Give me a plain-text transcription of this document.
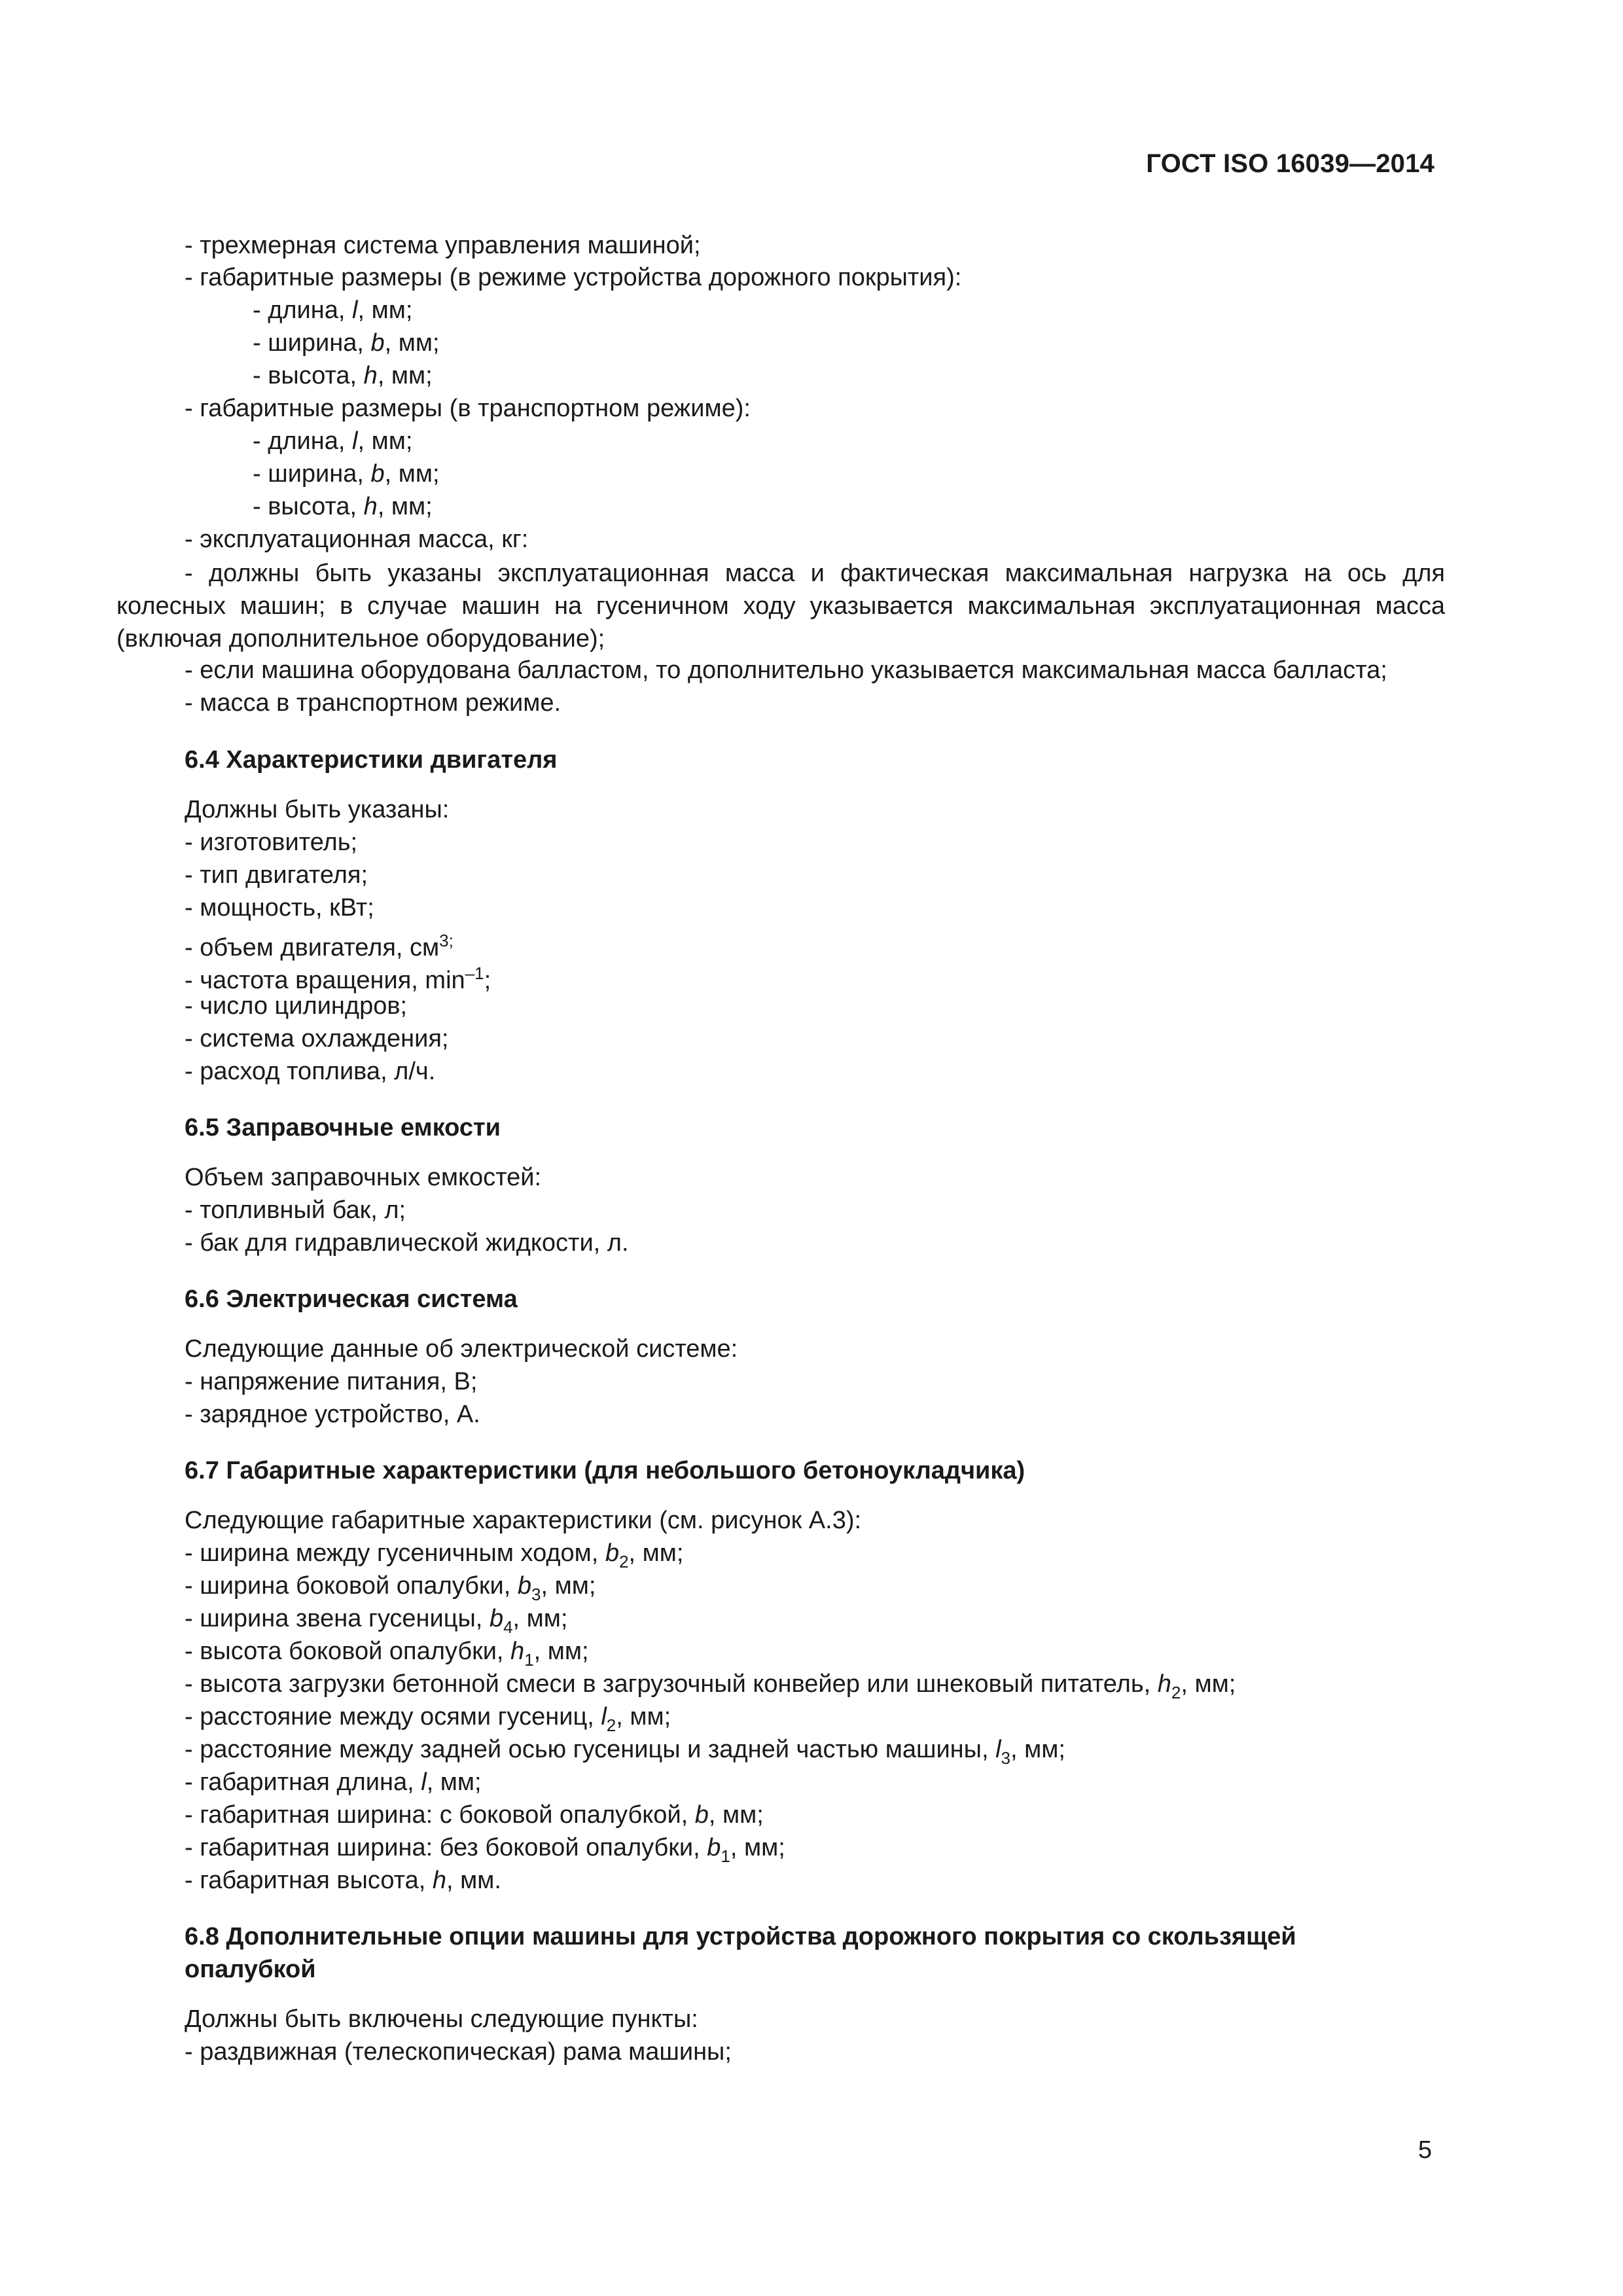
ГОСТ ISO 16039—2014
- трехмерная система управления машиной;
- габаритные размеры (в режиме устройства дорожного покрытия):
- длина, l, мм;
- ширина, b, мм;
- высота, h, мм;
- габаритные размеры (в транспортном режиме):
- длина, l, мм;
- ширина, b, мм;
- высота, h, мм;
- эксплуатационная масса, кг:
- должны быть указаны эксплуатационная масса и фактическая максимальная нагрузка на ось для колесных машин; в случае машин на гусеничном ходу указывается максимальная эксплуатационная масса (включая дополнительное оборудование);
- если машина оборудована балластом, то дополнительно указывается максимальная масса балласта;
- масса в транспортном режиме.
6.4 Характеристики двигателя
Должны быть указаны:
- изготовитель;
- тип двигателя;
- мощность, кВт;
- объем двигателя, $см^{3;}$
- частота вращения, $\min^{-1}$;
- число цилиндров;
- система охлаждения;
- расход топлива, л/ч.
6.5 Заправочные емкости
Объем заправочных емкостей:
- топливный бак, л;
- бак для гидравлической жидкости, л.
6.6 Электрическая система
Следующие данные об электрической системе:
- напряжение питания, В;
- зарядное устройство, А.
6.7 Габаритные характеристики (для небольшого бетоноукладчика)
Следующие габаритные характеристики (см. рисунок А.3):
- ширина между гусеничным ходом, $b_2$, мм;
- ширина боковой опалубки, $b_3$, мм;
- ширина звена гусеницы, $b_4$, мм;
- высота боковой опалубки, $h_1$, мм;
- высота загрузки бетонной смеси в загрузочный конвейер или шнековый питатель, $h_2$, мм;
- расстояние между осями гусениц, $l_2$, мм;
- расстояние между задней осью гусеницы и задней частью машины, $l_3$, мм;
- габаритная длина, l, мм;
- габаритная ширина: с боковой опалубкой, b, мм;
- габаритная ширина: без боковой опалубки, $b_1$, мм;
- габаритная высота, h, мм.
6.8 Дополнительные опции машины для устройства дорожного покрытия со скользящей
опалубкой
Должны быть включены следующие пункты:
- раздвижная (телескопическая) рама машины;
5
